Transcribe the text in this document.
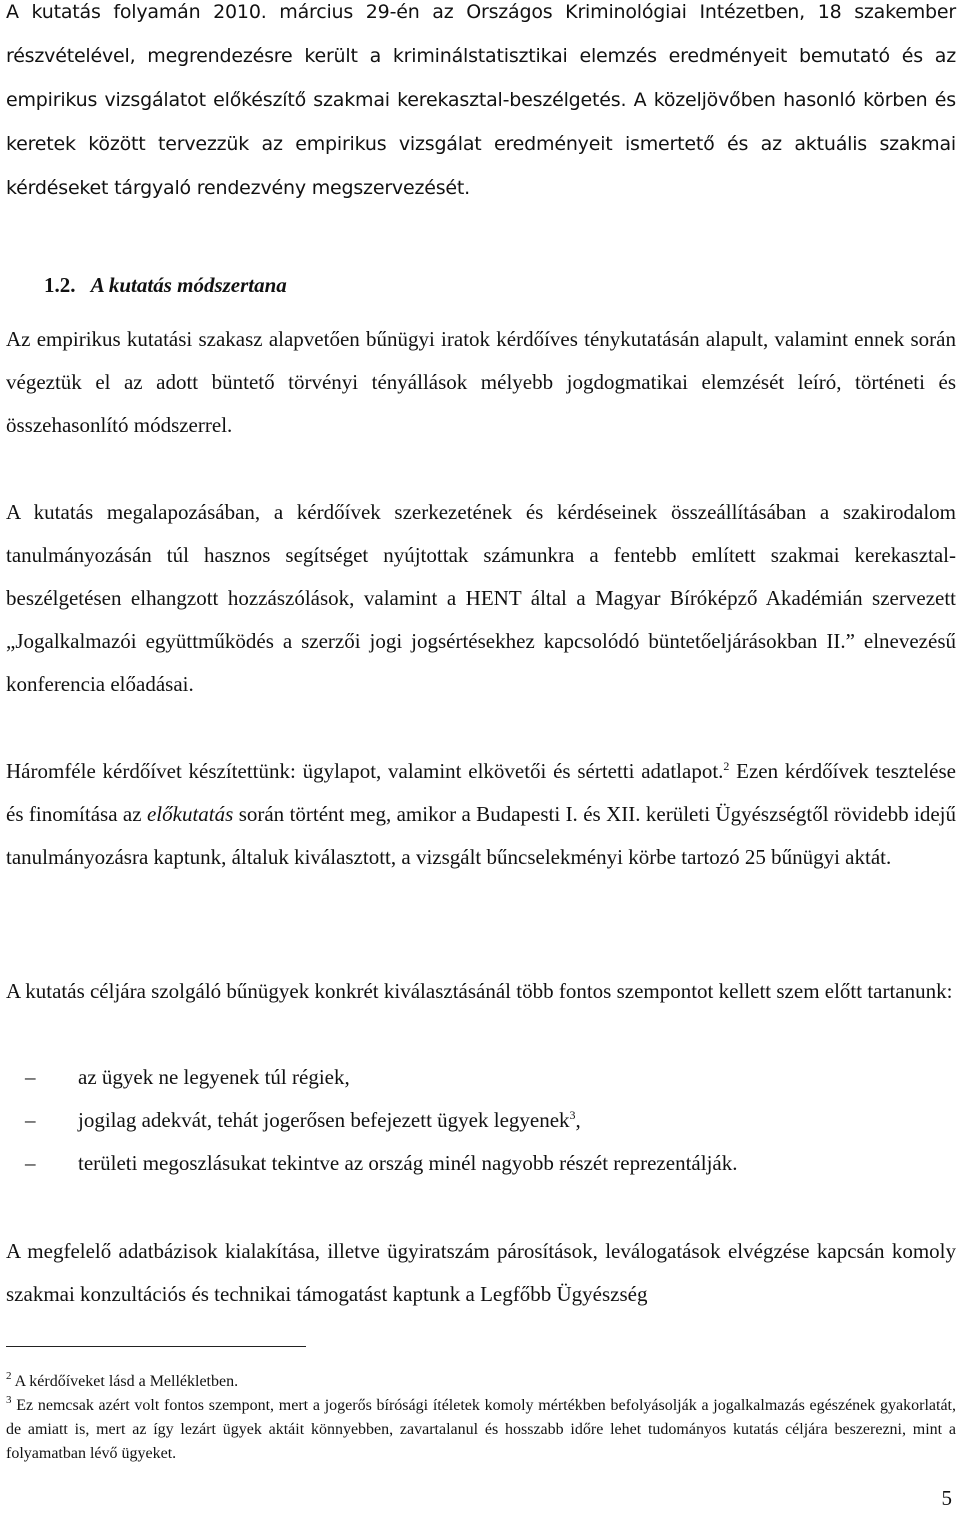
A kutatás folyamán 2010. március 29-én az Országos Kriminológiai Intézetben, 18 szakember részvételével, megrendezésre került a kriminálstatisztikai elemzés eredményeit bemutató és az empirikus vizsgálatot előkészítő szakmai kerekasztal-beszélgetés. A közeljövőben hasonló körben és keretek között tervezzük az empirikus vizsgálat eredményeit ismertető és az aktuális szakmai kérdéseket tárgyaló rendezvény megszervezését.

1.2. A kutatás módszertana

Az empirikus kutatási szakasz alapvetően bűnügyi iratok kérdőíves ténykutatásán alapult, valamint ennek során végeztük el az adott büntető törvényi tényállások mélyebb jogdogmatikai elemzését leíró, történeti és összehasonlító módszerrel.

A kutatás megalapozásában, a kérdőívek szerkezetének és kérdéseinek összeállításában a szakirodalom tanulmányozásán túl hasznos segítséget nyújtottak számunkra a fentebb említett szakmai kerekasztal-beszélgetésen elhangzott hozzászólások, valamint a HENT által a Magyar Bíróképző Akadémián szervezett „Jogalkalmazói együttműködés a szerzői jogi jogsértésekhez kapcsolódó büntetőeljárásokban II.” elnevezésű konferencia előadásai.

Háromféle kérdőívet készítettünk: ügylapot, valamint elkövetői és sértetti adatlapot.$^2$ Ezen kérdőívek tesztelése és finomítása az előkutatás során történt meg, amikor a Budapesti I. és XII. kerületi Ügyészségtől rövidebb idejű tanulmányozásra kaptunk, általuk kiválasztott, a vizsgált bűncselekményi körbe tartozó 25 bűnügyi aktát.

A kutatás céljára szolgáló bűnügyek konkrét kiválasztásánál több fontos szempontot kellett szem előtt tartanunk:

– az ügyek ne legyenek túl régiek,
– jogilag adekvát, tehát jogerősen befejezett ügyek legyenek$^3$,
– területi megoszlásukat tekintve az ország minél nagyobb részét reprezentálják.

A megfelelő adatbázisok kialakítása, illetve ügyiratszám párosítások, leválogatások elvégzése kapcsán komoly szakmai konzultációs és technikai támogatást kaptunk a Legfőbb Ügyészség

$^2$ A kérdőíveket lásd a Mellékletben.

$^3$ Ez nemcsak azért volt fontos szempont, mert a jogerős bírósági ítéletek komoly mértékben befolyásolják a jogalkalmazás egészének gyakorlatát, de amiatt is, mert az így lezárt ügyek aktáit könnyebben, zavartalanul és hosszabb időre lehet tudományos kutatás céljára beszerezni, mint a folyamatban lévő ügyeket.

5
